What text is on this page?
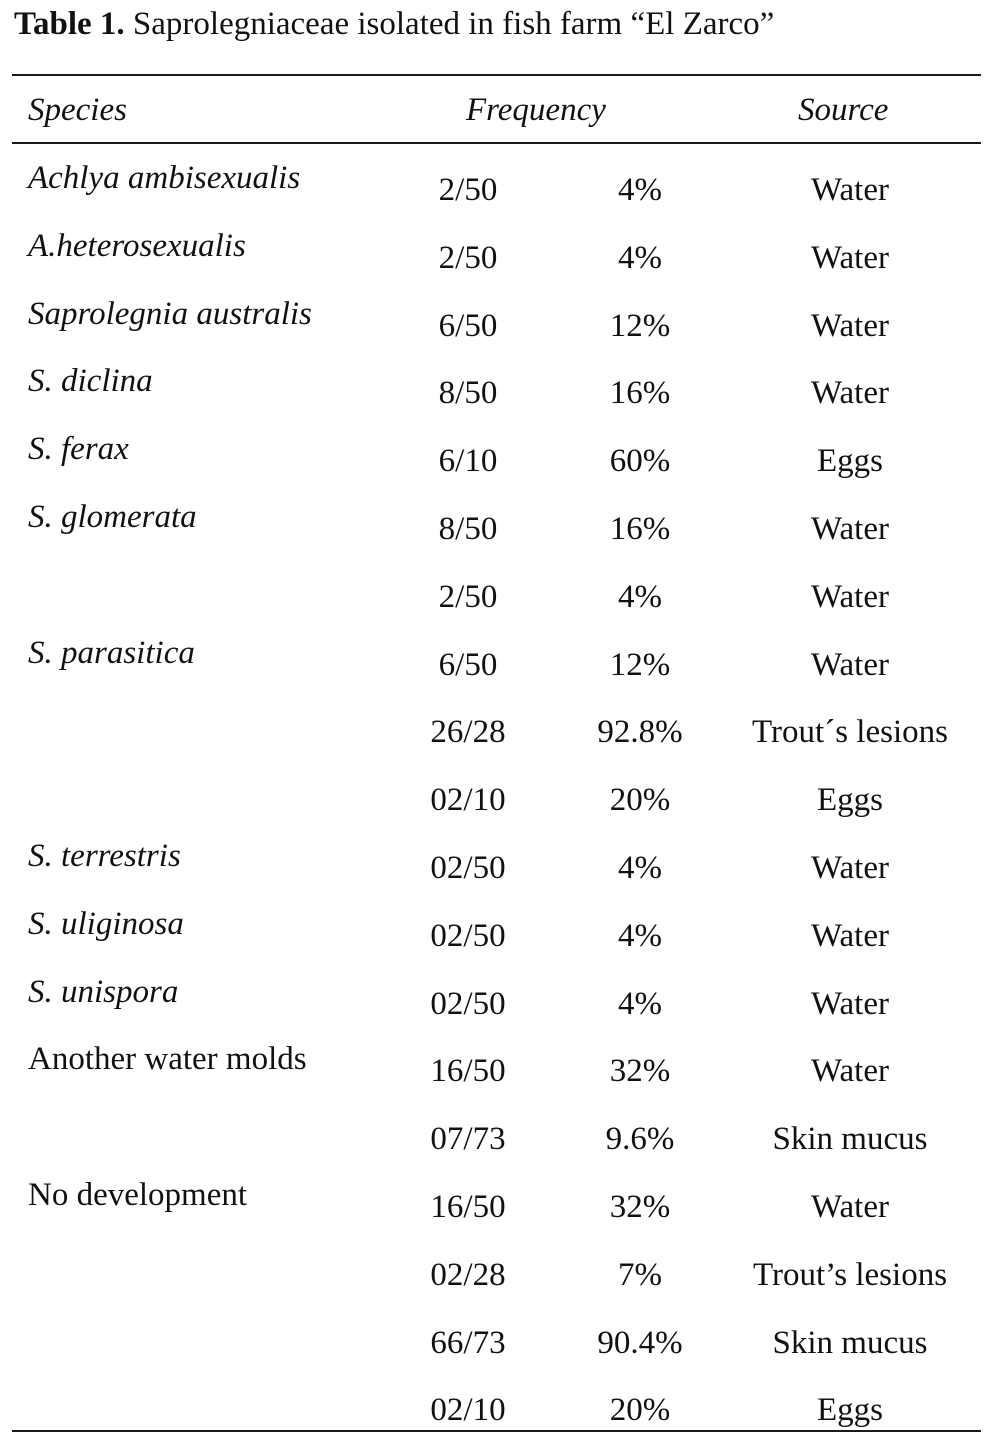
Table 1. Saprolegniaceae isolated in fish farm “El Zarco”
Species	Frequency	Source
Achlya ambisexualis	2/50	4%	Water
A.heterosexualis	2/50	4%	Water
Saprolegnia australis	6/50	12%	Water
S. diclina	8/50	16%	Water
S. ferax	6/10	60%	Eggs
S. glomerata	8/50	16%	Water
2/50	4%	Water
S. parasitica	6/50	12%	Water
26/28	92.8% Trout´s lesions
02/10	20%	Eggs
S. terrestris	02/50	4%	Water
S. uliginosa	02/50	4%	Water
S. unispora	02/50	4%	Water
Another water molds	16/50	32%	Water
07/73	9.6%	Skin mucus
No development	16/50	32%	Water
02/28	7%	Trout’s lesions
66/73	90.4%	Skin mucus
02/10	20%	Eggs
